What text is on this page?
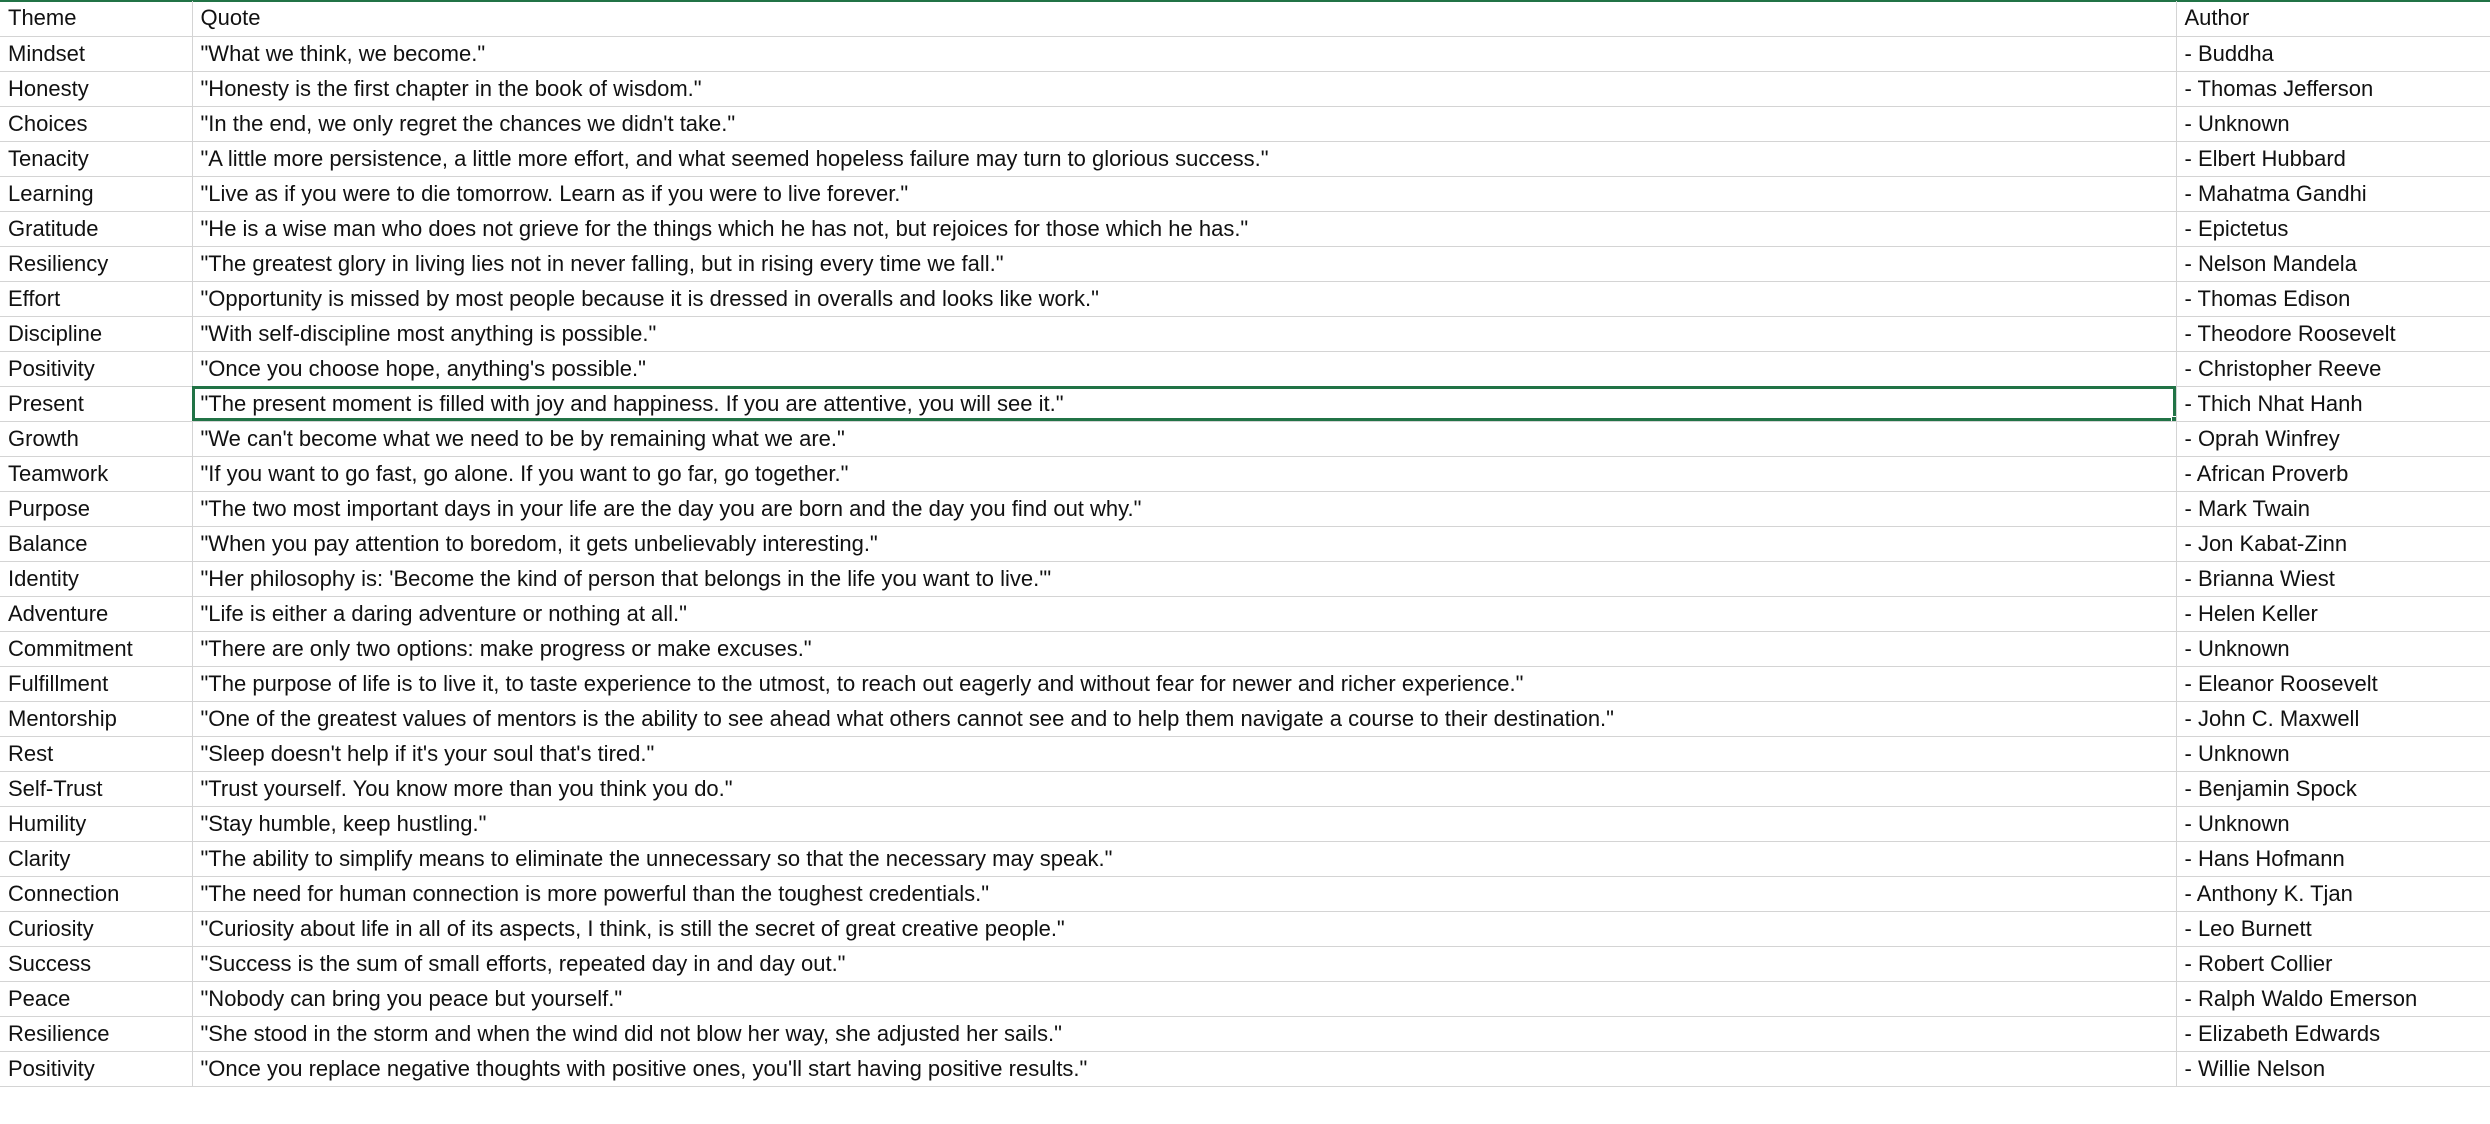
Theme	Quote	Author
Mindset	"What we think, we become."	- Buddha
Honesty	"Honesty is the first chapter in the book of wisdom."	- Thomas Jefferson
Choices	"In the end, we only regret the chances we didn't take."	- Unknown
Tenacity	"A little more persistence, a little more effort, and what seemed hopeless failure may turn to glorious success."	- Elbert Hubbard
Learning	"Live as if you were to die tomorrow. Learn as if you were to live forever."	- Mahatma Gandhi
Gratitude	"He is a wise man who does not grieve for the things which he has not, but rejoices for those which he has."	- Epictetus
Resiliency	"The greatest glory in living lies not in never falling, but in rising every time we fall."	- Nelson Mandela
Effort	"Opportunity is missed by most people because it is dressed in overalls and looks like work."	- Thomas Edison
Discipline	"With self-discipline most anything is possible."	- Theodore Roosevelt
Positivity	"Once you choose hope, anything's possible."	- Christopher Reeve
Present	"The present moment is filled with joy and happiness. If you are attentive, you will see it."	- Thich Nhat Hanh
Growth	"We can't become what we need to be by remaining what we are."	- Oprah Winfrey
Teamwork	"If you want to go fast, go alone. If you want to go far, go together."	- African Proverb
Purpose	"The two most important days in your life are the day you are born and the day you find out why."	- Mark Twain
Balance	"When you pay attention to boredom, it gets unbelievably interesting."	- Jon Kabat-Zinn
Identity	"Her philosophy is: 'Become the kind of person that belongs in the life you want to live.'"	- Brianna Wiest
Adventure	"Life is either a daring adventure or nothing at all."	- Helen Keller
Commitment	"There are only two options: make progress or make excuses."	- Unknown
Fulfillment	"The purpose of life is to live it, to taste experience to the utmost, to reach out eagerly and without fear for newer and richer experience."	- Eleanor Roosevelt
Mentorship	"One of the greatest values of mentors is the ability to see ahead what others cannot see and to help them navigate a course to their destination."	- John C. Maxwell
Rest	"Sleep doesn't help if it's your soul that's tired."	- Unknown
Self-Trust	"Trust yourself. You know more than you think you do."	- Benjamin Spock
Humility	"Stay humble, keep hustling."	- Unknown
Clarity	"The ability to simplify means to eliminate the unnecessary so that the necessary may speak."	- Hans Hofmann
Connection	"The need for human connection is more powerful than the toughest credentials."	- Anthony K. Tjan
Curiosity	"Curiosity about life in all of its aspects, I think, is still the secret of great creative people."	- Leo Burnett
Success	"Success is the sum of small efforts, repeated day in and day out."	- Robert Collier
Peace	"Nobody can bring you peace but yourself."	- Ralph Waldo Emerson
Resilience	"She stood in the storm and when the wind did not blow her way, she adjusted her sails."	- Elizabeth Edwards
Positivity	"Once you replace negative thoughts with positive ones, you'll start having positive results."	- Willie Nelson
